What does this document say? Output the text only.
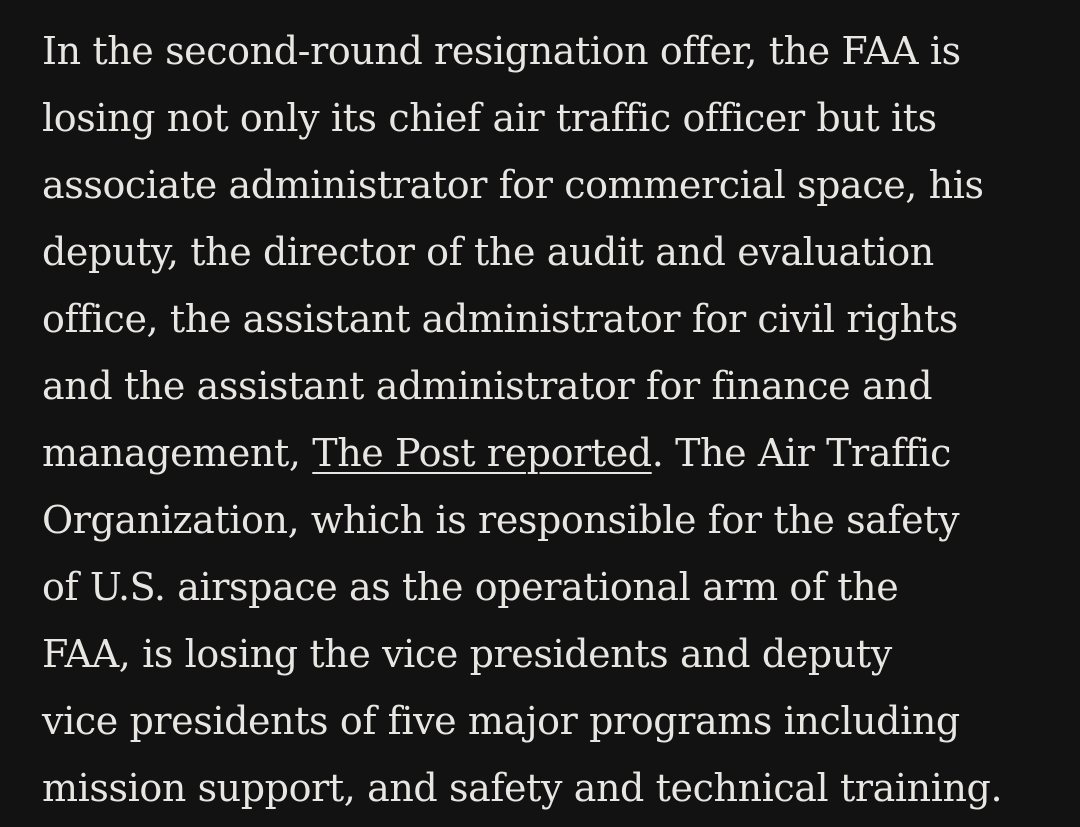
In the second-round resignation offer, the FAA is
losing not only its chief air traffic officer but its
associate administrator for commercial space, his
deputy, the director of the audit and evaluation
office, the assistant administrator for civil rights
and the assistant administrator for finance and
management, The Post reported. The Air Traffic
Organization, which is responsible for the safety
of U.S. airspace as the operational arm of the
FAA, is losing the vice presidents and deputy
vice presidents of five major programs including
mission support, and safety and technical training.
